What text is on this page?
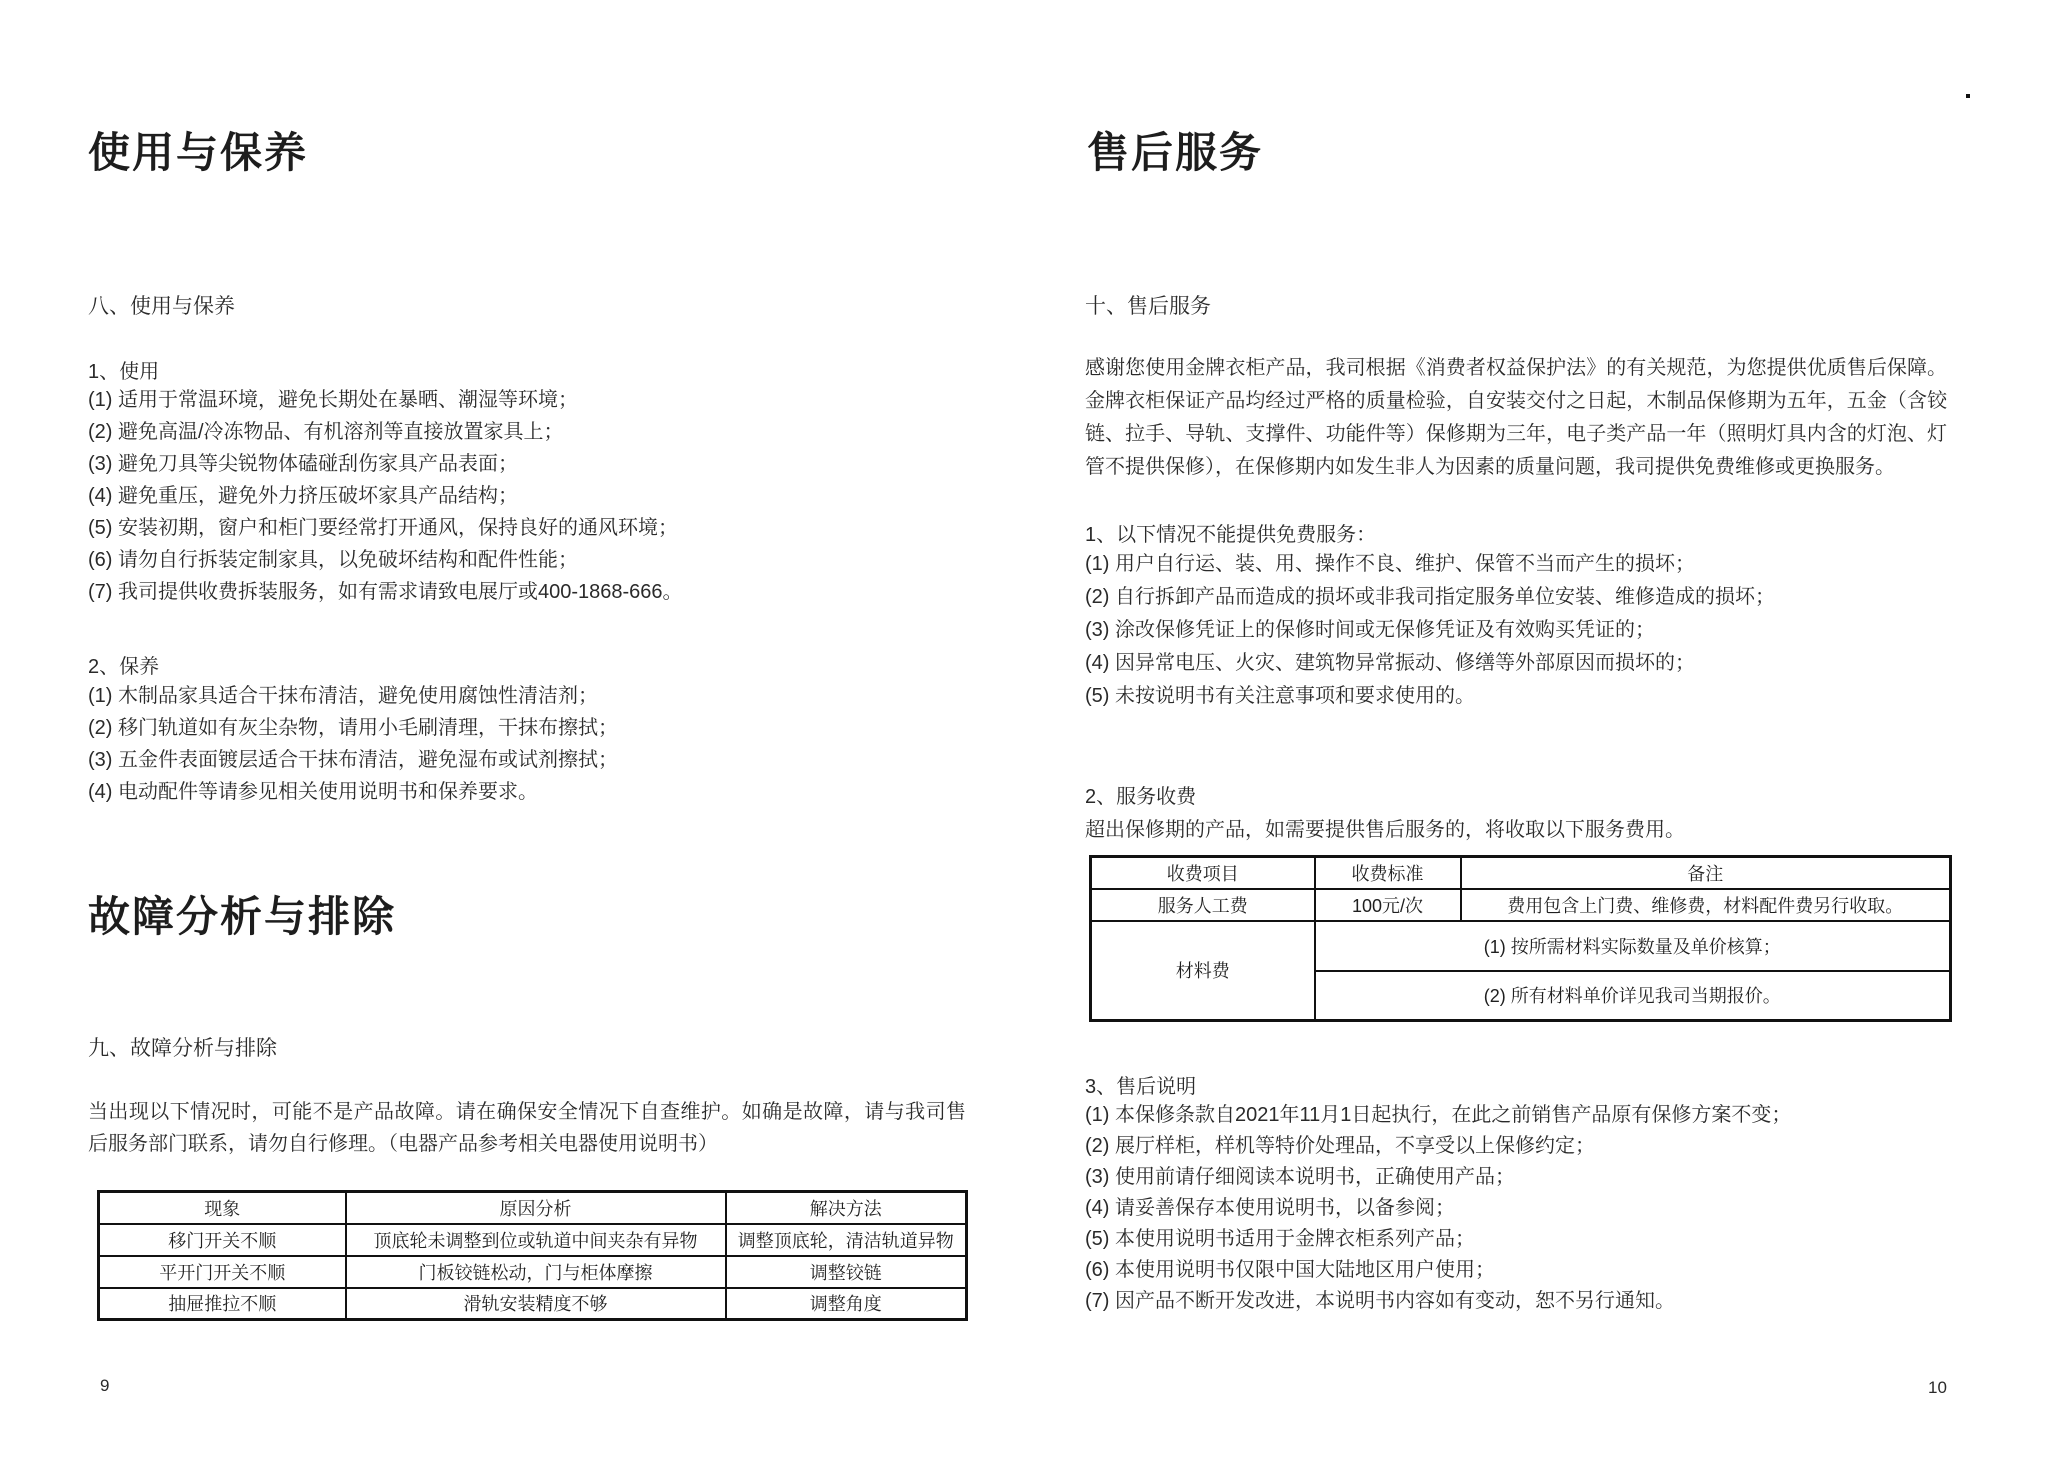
使用与保养
八、使用与保养
1、使用
(1) 适用于常温环境，避免长期处在暴晒、潮湿等环境；
(2) 避免高温/冷冻物品、有机溶剂等直接放置家具上；
(3) 避免刀具等尖锐物体磕碰刮伤家具产品表面；
(4) 避免重压，避免外力挤压破坏家具产品结构；
(5) 安装初期，窗户和柜门要经常打开通风，保持良好的通风环境；
(6) 请勿自行拆装定制家具，以免破坏结构和配件性能；
(7) 我司提供收费拆装服务，如有需求请致电展厅或400-1868-666。
2、保养
(1) 木制品家具适合干抹布清洁，避免使用腐蚀性清洁剂；
(2) 移门轨道如有灰尘杂物，请用小毛刷清理，干抹布擦拭；
(3) 五金件表面镀层适合干抹布清洁，避免湿布或试剂擦拭；
(4) 电动配件等请参见相关使用说明书和保养要求。
故障分析与排除
九、故障分析与排除
当出现以下情况时，可能不是产品故障。请在确保安全情况下自查维护。如确是故障，请与我司售后服务部门联系，请勿自行修理。（电器产品参考相关电器使用说明书）
现象	原因分析	解决方法
移门开关不顺	顶底轮未调整到位或轨道中间夹杂有异物	调整顶底轮，清洁轨道异物
平开门开关不顺	门板铰链松动，门与柜体摩擦	调整铰链
抽屉推拉不顺	滑轨安装精度不够	调整角度
9
售后服务
十、售后服务
感谢您使用金牌衣柜产品，我司根据《消费者权益保护法》的有关规范，为您提供优质售后保障。金牌衣柜保证产品均经过严格的质量检验，自安装交付之日起，木制品保修期为五年，五金（含铰链、拉手、导轨、支撑件、功能件等）保修期为三年，电子类产品一年（照明灯具内含的灯泡、灯管不提供保修），在保修期内如发生非人为因素的质量问题，我司提供免费维修或更换服务。
1、以下情况不能提供免费服务：
(1) 用户自行运、装、用、操作不良、维护、保管不当而产生的损坏；
(2) 自行拆卸产品而造成的损坏或非我司指定服务单位安装、维修造成的损坏；
(3) 涂改保修凭证上的保修时间或无保修凭证及有效购买凭证的；
(4) 因异常电压、火灾、建筑物异常振动、修缮等外部原因而损坏的；
(5) 未按说明书有关注意事项和要求使用的。
2、服务收费
超出保修期的产品，如需要提供售后服务的，将收取以下服务费用。
收费项目	收费标准	备注
服务人工费	100元/次	费用包含上门费、维修费，材料配件费另行收取。
材料费	(1) 按所需材料实际数量及单价核算；	
	(2) 所有材料单价详见我司当期报价。	
3、售后说明
(1) 本保修条款自2021年11月1日起执行，在此之前销售产品原有保修方案不变；
(2) 展厅样柜，样机等特价处理品，不享受以上保修约定；
(3) 使用前请仔细阅读本说明书，正确使用产品；
(4) 请妥善保存本使用说明书，以备参阅；
(5) 本使用说明书适用于金牌衣柜系列产品；
(6) 本使用说明书仅限中国大陆地区用户使用；
(7) 因产品不断开发改进，本说明书内容如有变动，恕不另行通知。
10
